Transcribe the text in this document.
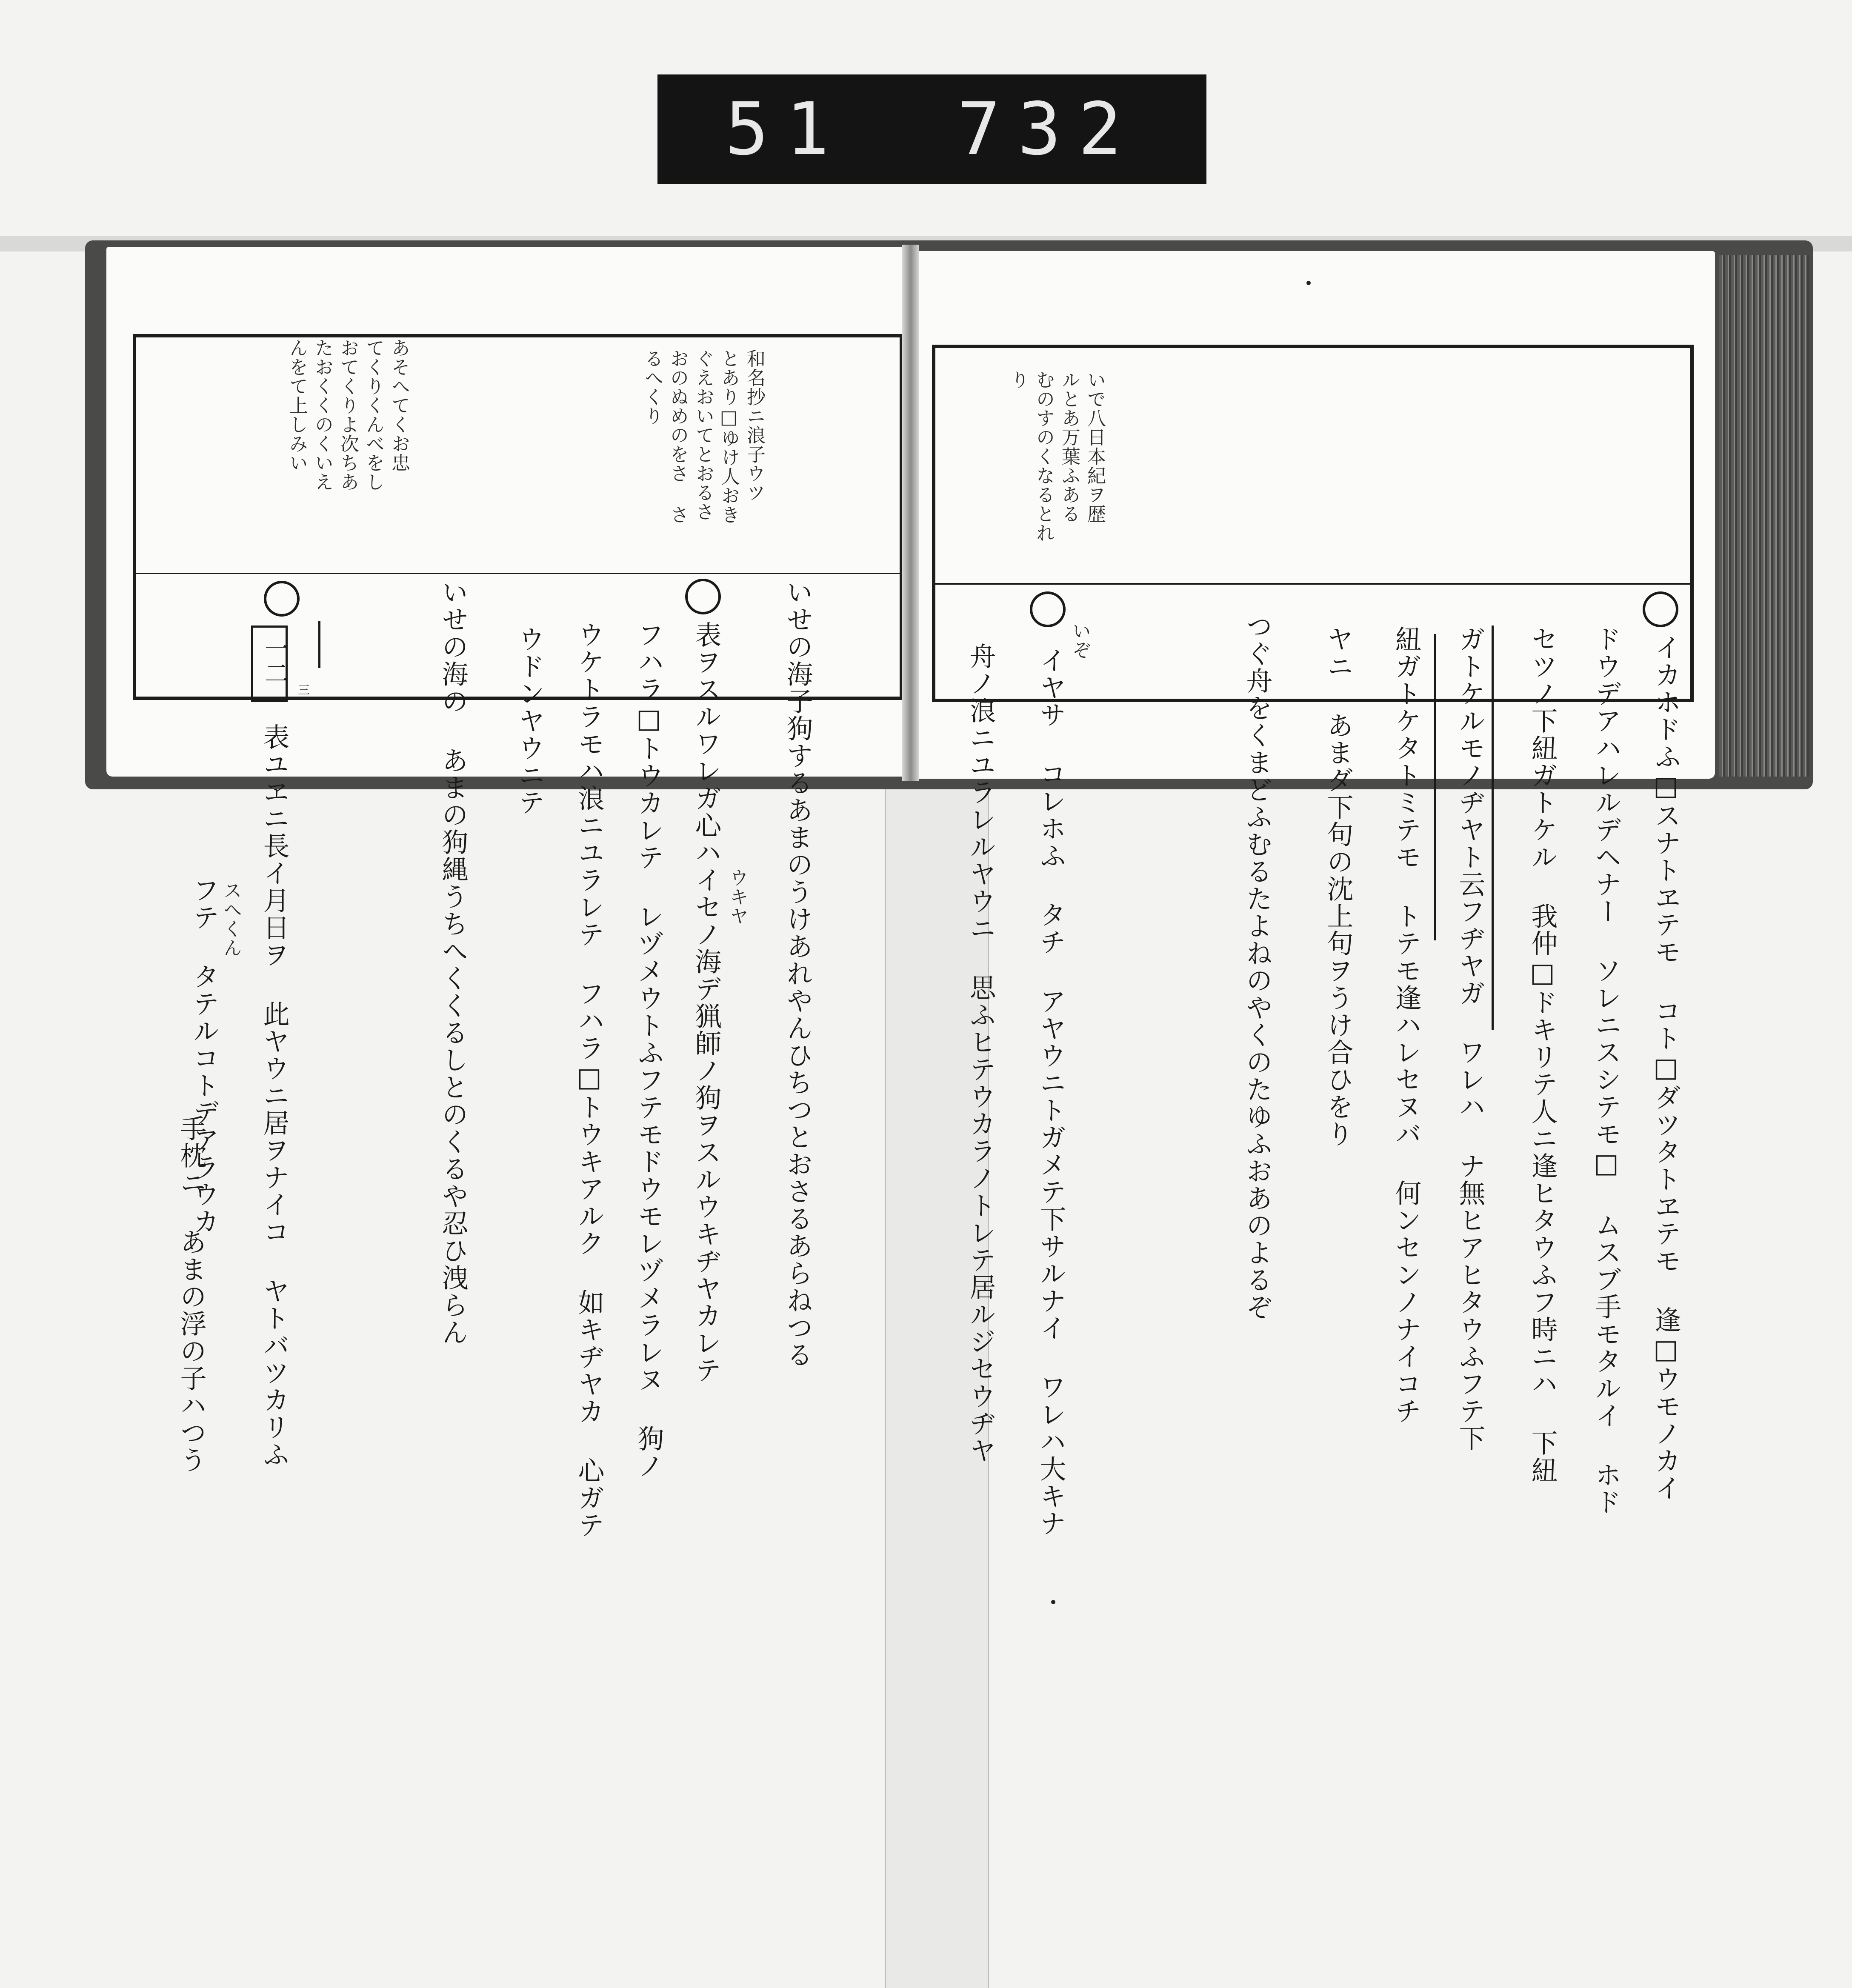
51 732
和名抄ニ浪子ウツ
とあり□ゆけ人おき
ぐえおいてとおるさ
おのぬめのをさ さ
るへくり
あそへてくお忠
てくりくんべをし
おてくりよ次ちあ
たおくくのくいえ
んをて上しみい
いせの海子狗するあまのうけあれやんひちつとおさるあらねつる
表ヲスルワレガ心ハイセノ海デ猟師ノ狗ヲスルウキヂヤカレテ ウキヤ
フハラ□トウカレテ レヅメウトふフテモドウモレヅメラレヌ 狗ノ
ウケトラモハ浪ニユラレテ フハラ□トウキアルク 如キヂヤカ 心ガテ
ウドンヤウニテ
いせの海の あまの狗縄うちへくくるしとのくるや忍ひ洩らん
一二
三
表ユヱニ長イ月日ヲ 此ヤウニ居ヲナイコ ヤトバツカリふ
スへくん
フテ タテルコトデアラウカ
手枕ニ あまの浮の子ハつう
いで八日本紀ヲ歴
ルとあ万葉ふある
むのすのくなるとれ
り
イカホドふ□スナトヱテモ コト□ダツタトヱテモ 逢□ウモノカイ
ドウデアハレルデヘナー ソレニスシテモ□ ムスブ手モタルイ ホド
セツノ下紐ガトケル 我仲□ドキリテ人ニ逢ヒタウふフ時ニハ 下紐
ガトケルモノヂヤト云フヂヤガ ワレハ ナ無ヒアヒタウふフテ下
紐ガトケタトミテモ トテモ逢ハレセヌバ 何ンセンノナイコチ
ヤニ あまダ下句の沈上句ヲうけ合ひをり
つぐ舟をくまどふむるたよねのやくのたゆふおあのよるぞ
いぞ
イヤサ コレホふ タチ アヤウニトガメテ下サルナイ ワレハ大キナ
舟ノ浪ニユラレルヤウニ 思ふヒテウカラノトレテ居ルジセウヂヤ
